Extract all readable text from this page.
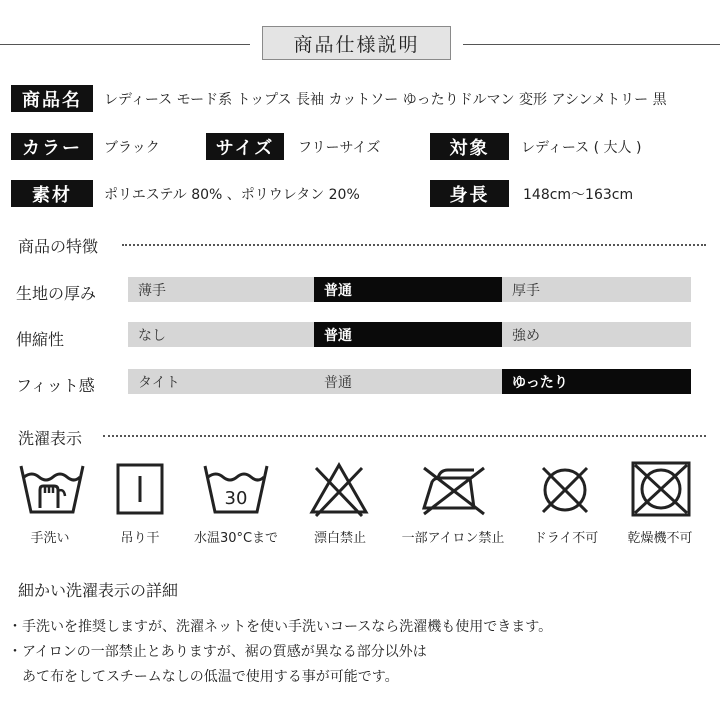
商品仕様説明
商品名	レディース モード系 トップス 長袖 カットソー ゆったりドルマン 変形 アシンメトリー 黒
カラー	ブラック	サイズ	フリーサイズ	対象	レディース ( 大人 )
素材	ポリエステル 80% 、ポリウレタン 20%	身長	148cm～163cm
商品の特徴
生地の厚み	薄手	普通	厚手
伸縮性	なし	普通	強め
フィット感	タイト	普通	ゆったり
洗濯表示
手洗い	吊り干
30
水温30°Cまで	漂白禁止	一部アイロン禁止 ドライ不可 乾燥機不可
細かい洗濯表示の詳細
・手洗いを推奨しますが、洗濯ネットを使い手洗いコースなら洗濯機も使用できます。
・アイロンの一部禁止とありますが、裾の質感が異なる部分以外は
あて布をしてスチームなしの低温で使用する事が可能です。
